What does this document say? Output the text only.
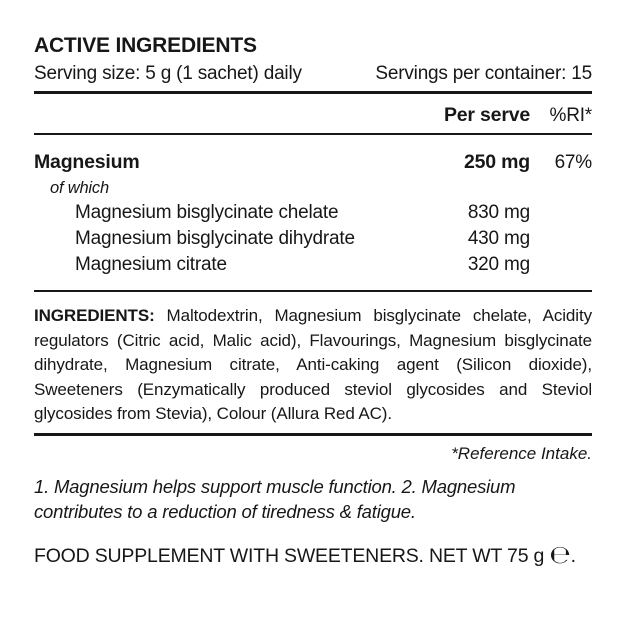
ACTIVE INGREDIENTS
Serving size: 5 g (1 sachet) daily	Servings per container: 15
Per serve	%RI*
Magnesium	250 mg	67%
of which
Magnesium bisglycinate chelate	830 mg
Magnesium bisglycinate dihydrate	430 mg
Magnesium citrate	320 mg

INGREDIENTS: Maltodextrin, Magnesium bisglycinate chelate, Acidity regulators (Citric acid, Malic acid), Flavourings, Magnesium bisglycinate dihydrate, Magnesium citrate, Anti-caking agent (Silicon dioxide), Sweeteners (Enzymatically produced steviol glycosides and Steviol glycosides from Stevia), Colour (Allura Red AC).

*Reference Intake.

1. Magnesium helps support muscle function. 2. Magnesium contributes to a reduction of tiredness & fatigue.

FOOD SUPPLEMENT WITH SWEETENERS. NET WT 75 g ℮.
